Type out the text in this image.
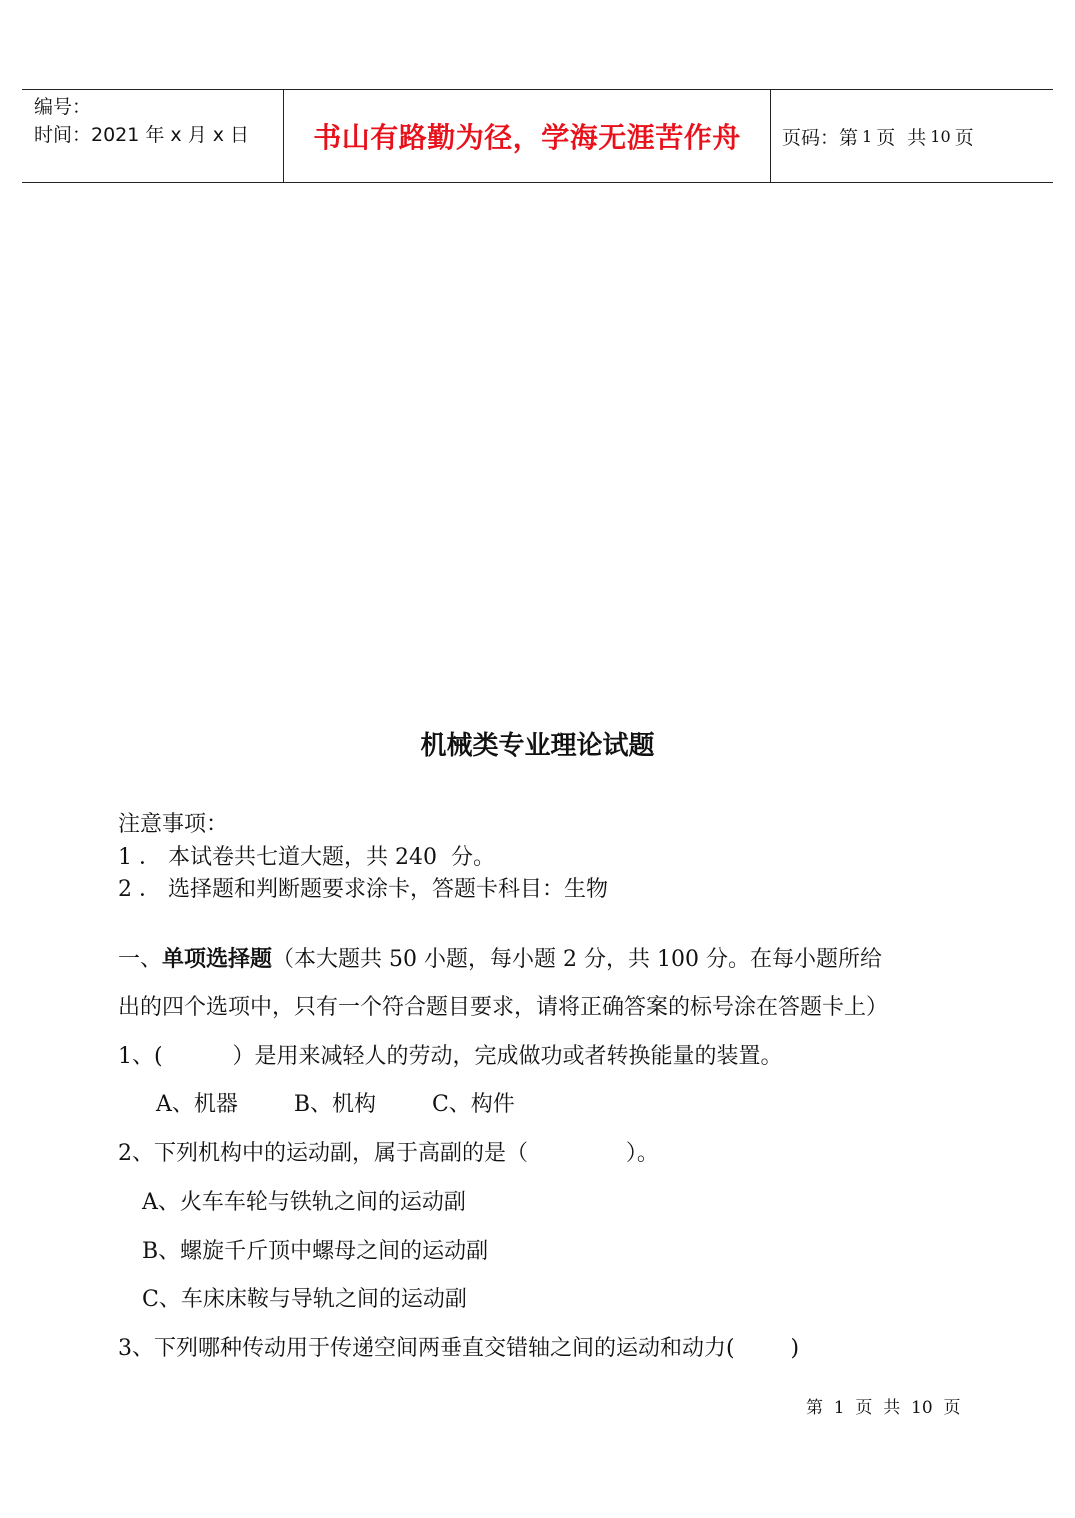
编号：
时间：2021 年 x 月 x 日	书山有路勤为径，学海无涯苦作舟	页码：第 1 页  共 10 页
机械类专业理论试题
注意事项：
1 ． 本试卷共七道大题，共 240  分。
2 ． 选择题和判断题要求涂卡，答题卡科目：生物
一、单项选择题（本大题共 50 小题，每小题 2 分，共 100 分。在每小题所给
出的四个选项中，只有一个符合题目要求，请将正确答案的标号涂在答题卡上）
1、(          ）是用来减轻人的劳动，完成做功或者转换能量的装置。
A、机器        B、机构        C、构件
2、下列机构中的运动副，属于高副的是（              ）。
A、火车车轮与铁轨之间的运动副
B、螺旋千斤顶中螺母之间的运动副
C、车床床鞍与导轨之间的运动副
3、下列哪种传动用于传递空间两垂直交错轴之间的运动和动力(        )
第  1  页  共  10  页
